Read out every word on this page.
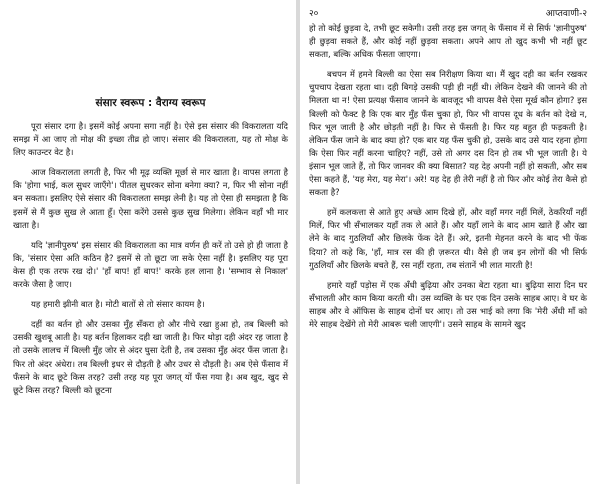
संसार स्वरूप : वैराग्य स्वरूप

पूरा संसार दगा है। इसमें कोई अपना सगा नहीं है। ऐसे इस संसार की विकरालता यदि समझ में आ जाए तो मोक्ष की इच्छा तीव्र हो जाए। संसार की विकरालता, यह तो मोक्ष के लिए काउन्टर वेट है।

आज विकरालता लगती है, फिर भी मूढ़ व्यक्ति मूर्छा से मार खाता है। वापस लगता है कि 'होगा भाई, कल सुधर जाएँगे'। पीतल सुधरकर सोना बनेगा क्या? न, फिर भी सोना नहीं बन सकता। इसलिए ऐसे संसार की विकरालता समझ लेनी है। यह तो ऐसा ही समझता है कि इसमें से मैं कुछ सुख ले आता हूँ। ऐसा करेंगे उससे कुछ सुख मिलेगा। लेकिन वहाँ भी मार खाता है।

यदि 'ज्ञानीपुरुष' इस संसार की विकरालता का मात्र वर्णन ही करें तो उसे हो ही जाता है कि, 'संसार ऐसा अति कठिन है? इसमें से तो छूटा जा सके ऐसा नहीं है। इसलिए यह पूरा केस ही एक तरफ रख दो।' 'हाँ बाप! हाँ बाप!' करके हल लाना है। 'सम्भाव से निकाल' करके जैसा है जाए।

यह हमारी झीनी बात है। मोटी बातों से तो संसार कायम है।

दहीं का बर्तन हो और उसका मुँह सँकरा हो और नीचे रखा हुआ हो, तब बिल्ली को उसकी खुशबू आती है। यह बर्तन हिलाकर दही खा जाती है। फिर थोड़ा दही अंदर रह जाता है तो उसके लालच में बिल्ली मुँह जोर से अंदर घुसा देती है, तब उसका मुँह अंदर फँस जाता है। फिर तो अंदर अंधेरा। तब बिल्ली इधर से दौड़ती है और उधर से दौड़ती है। अब ऐसे फँसाव में फँसने के बाद छूटे किस तरह? उसी तरह यह पूरा जगत् यों फँस गया है। अब खुद, खुद से छूटे किस तरह? बिल्ली को छूटना

२०	आप्तवाणी-२

हो तो कोई छुड़वा दे, तभी छूट सकेगी। उसी तरह इस जगत् के फँसाव में से सिर्फ 'ज्ञानीपुरुष' ही छुड़वा सकते हैं, और कोई नहीं छुड़वा सकता। अपने आप तो खुद कभी भी नहीं छूट सकता, बल्कि अधिक फँसता जाएगा।

बचपन में हमने बिल्ली का ऐसा सब निरीक्षण किया था। मैं खुद दही का बर्तन रखकर चुपचाप देखता रहता था। दही बिगड़े उसकी पड़ी ही नहीं थी। लेकिन देखने की जानने की तो मिलता था न! ऐसा प्रत्यक्ष फँसाव जानने के बावजूद भी वापस वैसे ऐसा मूर्ख कौन होगा? इस बिल्ली को फैक्ट है कि एक बार मुँह फँस चुका हो, फिर भी वापस दूध के बर्तन को देखे न, फिर भूल जाती है और छोड़ती नहीं है। फिर से फँसती है। फिर यह बहुत ही फड़कती है। लेकिन फँस जाने के बाद क्या हो? एक बार यह फँस चुकी हो, उसके बाद उसे याद रहना होगा कि ऐसा फिर नहीं करना चाहिए? नहीं, उसे तो अगर दस दिन हो तब भी भूल जाती है। ये इंसान भूल जाते हैं, तो फिर जानवर की क्या बिसात? यह देह अपनी नहीं हो सकती, और सब ऐसा कहते हैं, 'यह मेरा, यह मेरा'। अरे! यह देह ही तेरी नहीं है तो फिर और कोई तेरा कैसे हो सकता है?

हमें कलकत्ता से आते हुए अच्छे आम दिखे हों, और वहाँ मगर नहीं मिलें, ठेकरियाँ नहीं मिलें, फिर भी सँभालकर यहाँ तक ले आते हैं। और यहाँ लाने के बाद आम खाते हैं और खा लेने के बाद गुठलियाँ और छिलके फेंक देते हैं। अरे, इतनी मेहनत करने के बाद भी फेंक दिया? तो कहे कि, 'हाँ, मात्र रस की ही ज़रूरत थी। वैसे ही जब इन लोगों की भी सिर्फ गुठलियाँ और छिलके बचते हैं, रस नहीं रहता, तब संतानें भी लात मारती है!

हमारे यहाँ पड़ोस में एक अँधी बुढ़िया और उनका बेटा रहता था। बुढ़िया सारा दिन घर सँभालती और काम किया करती थी। उस व्यक्ति के घर एक दिन उसके साहब आए। वे घर के साहब और वे ऑफिस के साहब दोनों घर आए। तो उस भाई को लगा कि 'मेरी अँधी माँ को मेरे साहब देखेंगे तो मेरी आबरू चली जाएगी'। उसने साहब के सामने खुद
